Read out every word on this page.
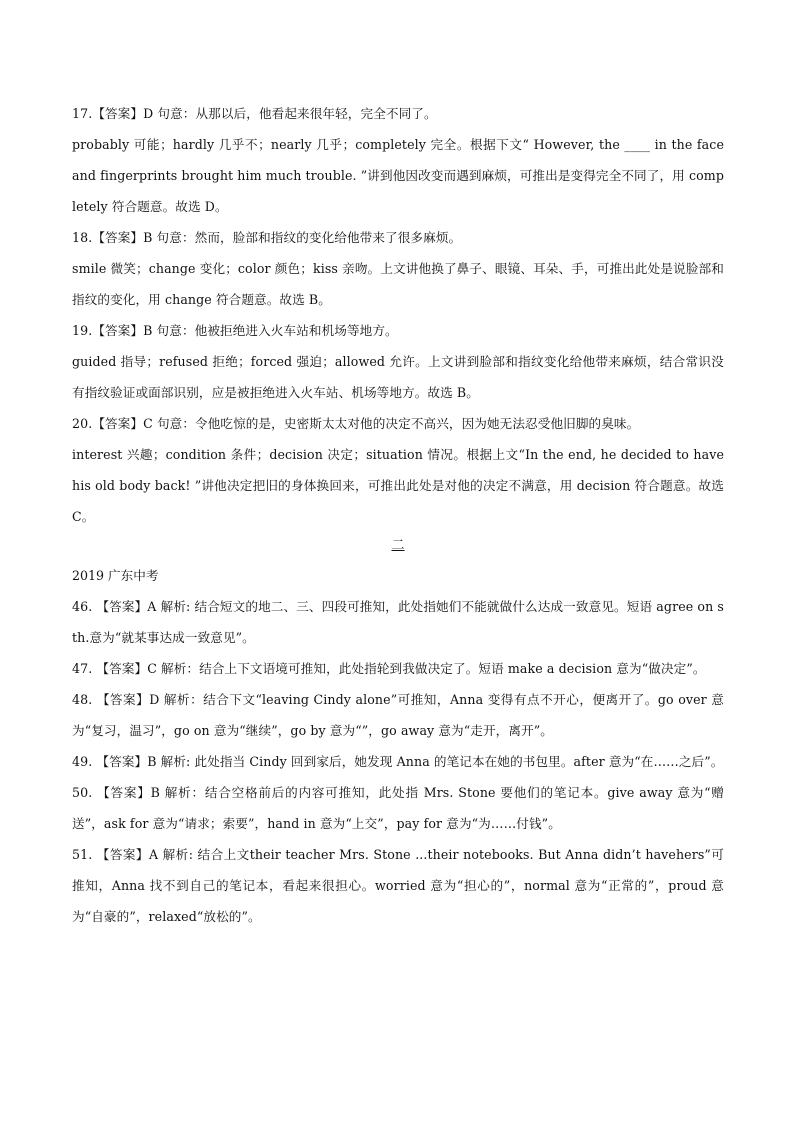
17.【答案】D 句意：从那以后，他看起来很年轻，完全不同了。

probably 可能；hardly 几乎不；nearly 几乎；completely 完全。根据下文“ However, the ____ in the face and fingerprints brought him much trouble. ”讲到他因改变而遇到麻烦，可推出是变得完全不同了，用 completely 符合题意。故选 D。

18.【答案】B 句意：然而，脸部和指纹的变化给他带来了很多麻烦。

smile 微笑；change 变化；color 颜色；kiss 亲吻。上文讲他换了鼻子、眼镜、耳朵、手，可推出此处是说脸部和指纹的变化，用 change 符合题意。故选 B。

19.【答案】B 句意：他被拒绝进入火车站和机场等地方。

guided 指导；refused 拒绝；forced 强迫；allowed 允许。上文讲到脸部和指纹变化给他带来麻烦，结合常识没有指纹验证或面部识别，应是被拒绝进入火车站、机场等地方。故选 B。

20.【答案】C 句意：令他吃惊的是，史密斯太太对他的决定不高兴，因为她无法忍受他旧脚的臭味。

interest 兴趣；condition 条件；decision 决定；situation 情况。根据上文“In the end, he decided to have his old body back! ”讲他决定把旧的身体换回来，可推出此处是对他的决定不满意，用 decision 符合题意。故选 C。

二

2019 广东中考

46. 【答案】A 解析: 结合短文的地二、三、四段可推知，此处指她们不能就做什么达成一致意见。短语 agree on sth.意为“就某事达成一致意见”。

47. 【答案】C 解析：结合上下文语境可推知，此处指轮到我做决定了。短语 make a decision 意为“做决定”。

48. 【答案】D 解析：结合下文“leaving Cindy alone”可推知，Anna 变得有点不开心，便离开了。go over 意为“复习，温习”，go on 意为“继续”，go by 意为“”，go away 意为“走开，离开”。

49. 【答案】B 解析: 此处指当 Cindy 回到家后，她发现 Anna 的笔记本在她的书包里。after 意为“在……之后”。

50. 【答案】B 解析：结合空格前后的内容可推知，此处指 Mrs. Stone 要他们的笔记本。give away 意为“赠送”，ask for 意为“请求；索要”，hand in 意为“上交”，pay for 意为“为……付钱”。

51. 【答案】A 解析: 结合上文their teacher Mrs. Stone ...their notebooks. But Anna didn’t havehers”可推知，Anna 找不到自己的笔记本，看起来很担心。worried 意为“担心的”，normal 意为“正常的”，proud 意为“自豪的”，relaxed“放松的”。
